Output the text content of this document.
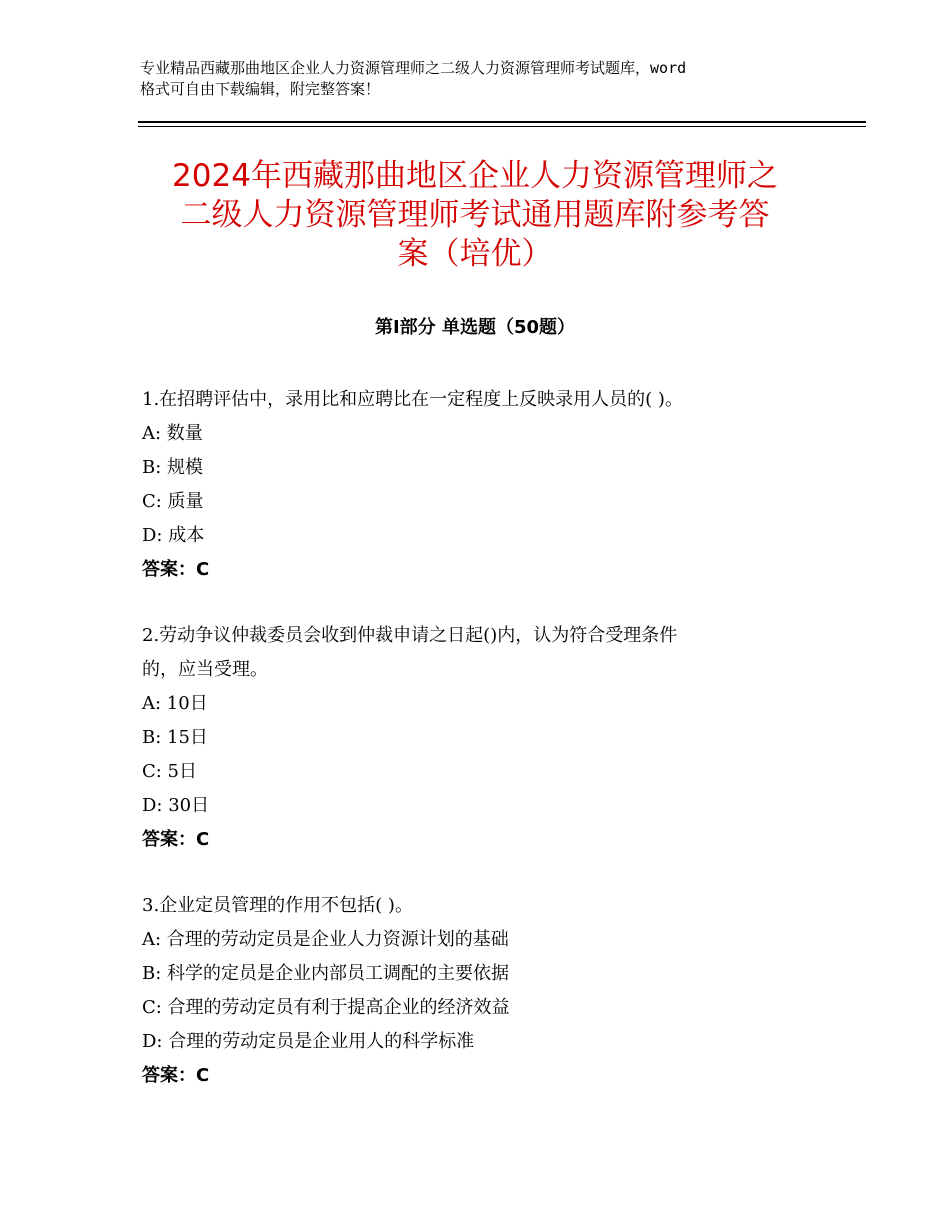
专业精品西藏那曲地区企业人力资源管理师之二级人力资源管理师考试题库，word
格式可自由下载编辑，附完整答案！
2024年西藏那曲地区企业人力资源管理师之
二级人力资源管理师考试通用题库附参考答
案（培优）
第Ⅰ部分 单选题（50题）
1.在招聘评估中，录用比和应聘比在一定程度上反映录用人员的( )。
A: 数量
B: 规模
C: 质量
D: 成本
答案：C
2.劳动争议仲裁委员会收到仲裁申请之日起()内，认为符合受理条件
的，应当受理。
A: 10日
B: 15日
C: 5日
D: 30日
答案：C
3.企业定员管理的作用不包括( )。
A: 合理的劳动定员是企业人力资源计划的基础
B: 科学的定员是企业内部员工调配的主要依据
C: 合理的劳动定员有利于提高企业的经济效益
D: 合理的劳动定员是企业用人的科学标准
答案：C
